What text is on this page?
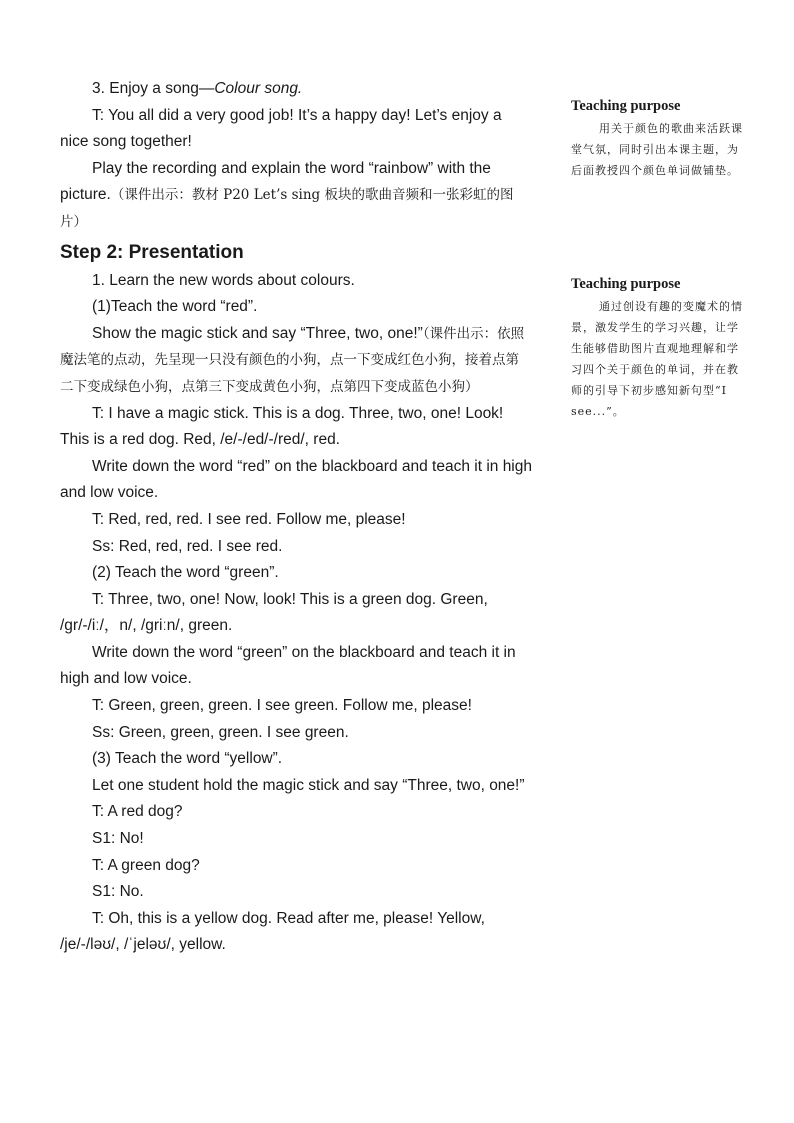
3. Enjoy a song—Colour song.

T: You all did a very good job! It’s a happy day! Let’s enjoy a nice song together!

Play the recording and explain the word “rainbow” with the picture.（课件出示：教材 P20 Let’s sing 板块的歌曲音频和一张彩虹的图片）

Step 2: Presentation

1. Learn the new words about colours.

(1)Teach the word “red”.

Show the magic stick and say “Three, two, one!”（课件出示：依照魔法笔的点动，先呈现一只没有颜色的小狗，点一下变成红色小狗，接着点第二下变成绿色小狗，点第三下变成黄色小狗，点第四下变成蓝色小狗）

T: I have a magic stick. This is a dog. Three, two, one! Look! This is a red dog. Red, /e/-/ed/-/red/, red.

Write down the word “red” on the blackboard and teach it in high and low voice.

T: Red, red, red. I see red. Follow me, please!

Ss: Red, red, red. I see red.

(2) Teach the word “green”.

T: Three, two, one! Now, look! This is a green dog. Green, /gr/-/iː/，n/, /griːn/, green.

Write down the word “green” on the blackboard and teach it in high and low voice.

T: Green, green, green. I see green. Follow me, please!

Ss: Green, green, green. I see green.

(3) Teach the word “yellow”.

Let one student hold the magic stick and say “Three, two, one!”

T: A red dog?

S1: No!

T: A green dog?

S1: No.

T: Oh, this is a yellow dog. Read after me, please! Yellow, /je/-/ləʊ/, /ˈjeləʊ/, yellow.

Teaching purpose

用关于颜色的歌曲来活跃课堂气氛，同时引出本课主题，为后面教授四个颜色单词做铺垫。

Teaching purpose

通过创设有趣的变魔术的情景，激发学生的学习兴趣，让学生能够借助图片直观地理解和学习四个关于颜色的单词，并在教师的引导下初步感知新句型“I see...”。
